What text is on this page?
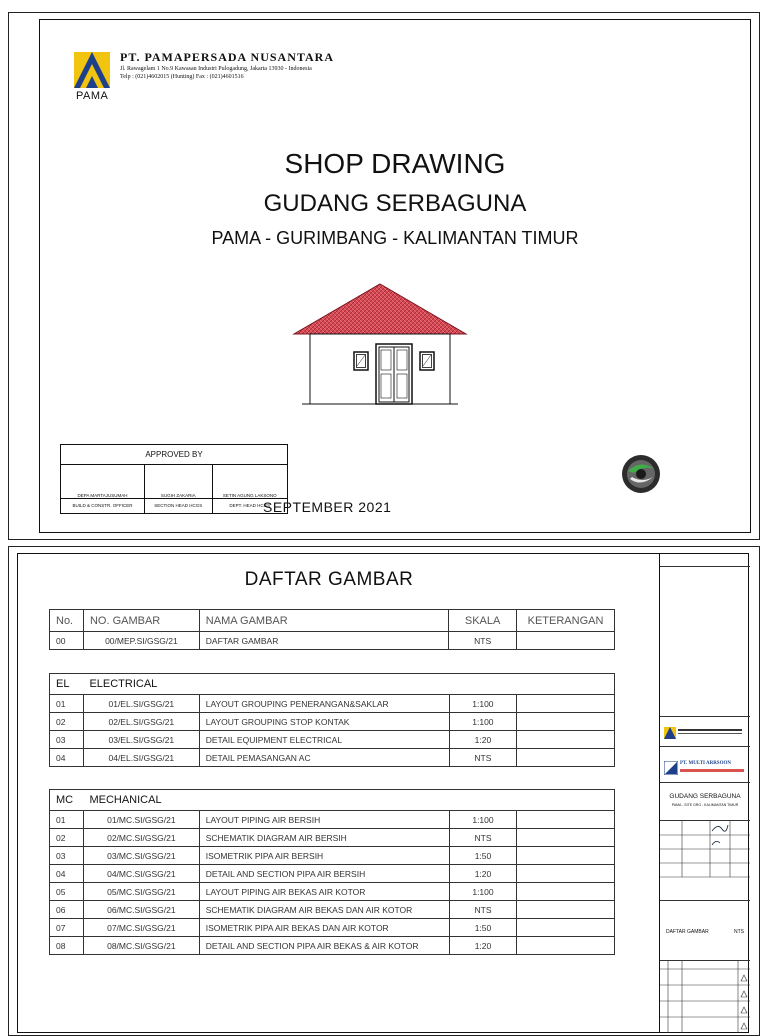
PAMA
PT. PAMAPERSADA NUSANTARA
Jl. Rawagelam 1 No.9 Kawasan Industri Pulogadung, Jakarta 13930 - Indonesia
Telp : (021)4602015 (Hunting) Fax : (021)4601516
SHOP DRAWING
GUDANG SERBAGUNA
PAMA - GURIMBANG - KALIMANTAN TIMUR
APPROVED BY		
DEPA MARTAJUSUMAH	SUGIH ZAKARIA	SETIN AGUNG LAKSONO
BUILD & CONSTR. OFFICER	SECTION HEAD HCGS	DEPT. HEAD HCGS
SEPTEMBER 2021
DAFTAR GAMBAR
No.	NO. GAMBAR	NAMA GAMBAR	SKALA	KETERANGAN
00	00/MEP.SI/GSG/21	DAFTAR GAMBAR	NTS	
EL	ELECTRICAL			
01	01/EL.SI/GSG/21	LAYOUT GROUPING PENERANGAN&SAKLAR	1:100	
02	02/EL.SI/GSG/21	LAYOUT GROUPING STOP KONTAK	1:100	
03	03/EL.SI/GSG/21	DETAIL EQUIPMENT ELECTRICAL	1:20	
04	04/EL.SI/GSG/21	DETAIL PEMASANGAN AC	NTS	
MC	MECHANICAL			
01	01/MC.SI/GSG/21	LAYOUT PIPING AIR BERSIH	1:100	
02	02/MC.SI/GSG/21	SCHEMATIK DIAGRAM AIR BERSIH	NTS	
03	03/MC.SI/GSG/21	ISOMETRIK PIPA AIR BERSIH	1:50	
04	04/MC.SI/GSG/21	DETAIL AND SECTION PIPA AIR BERSIH	1:20	
05	05/MC.SI/GSG/21	LAYOUT PIPING AIR BEKAS AIR KOTOR	1:100	
06	06/MC.SI/GSG/21	SCHEMATIK DIAGRAM AIR BEKAS DAN AIR KOTOR	NTS	
07	07/MC.SI/GSG/21	ISOMETRIK PIPA AIR BEKAS DAN AIR KOTOR	1:50	
08	08/MC.SI/GSG/21	DETAIL AND SECTION PIPA AIR BEKAS & AIR KOTOR	1:20	
PT. MULTI ARRSOON
GUDANG SERBAGUNA
PAMA - SITE GRG - KALIMANTAN TIMUR
DAFTAR GAMBAR	NTS
